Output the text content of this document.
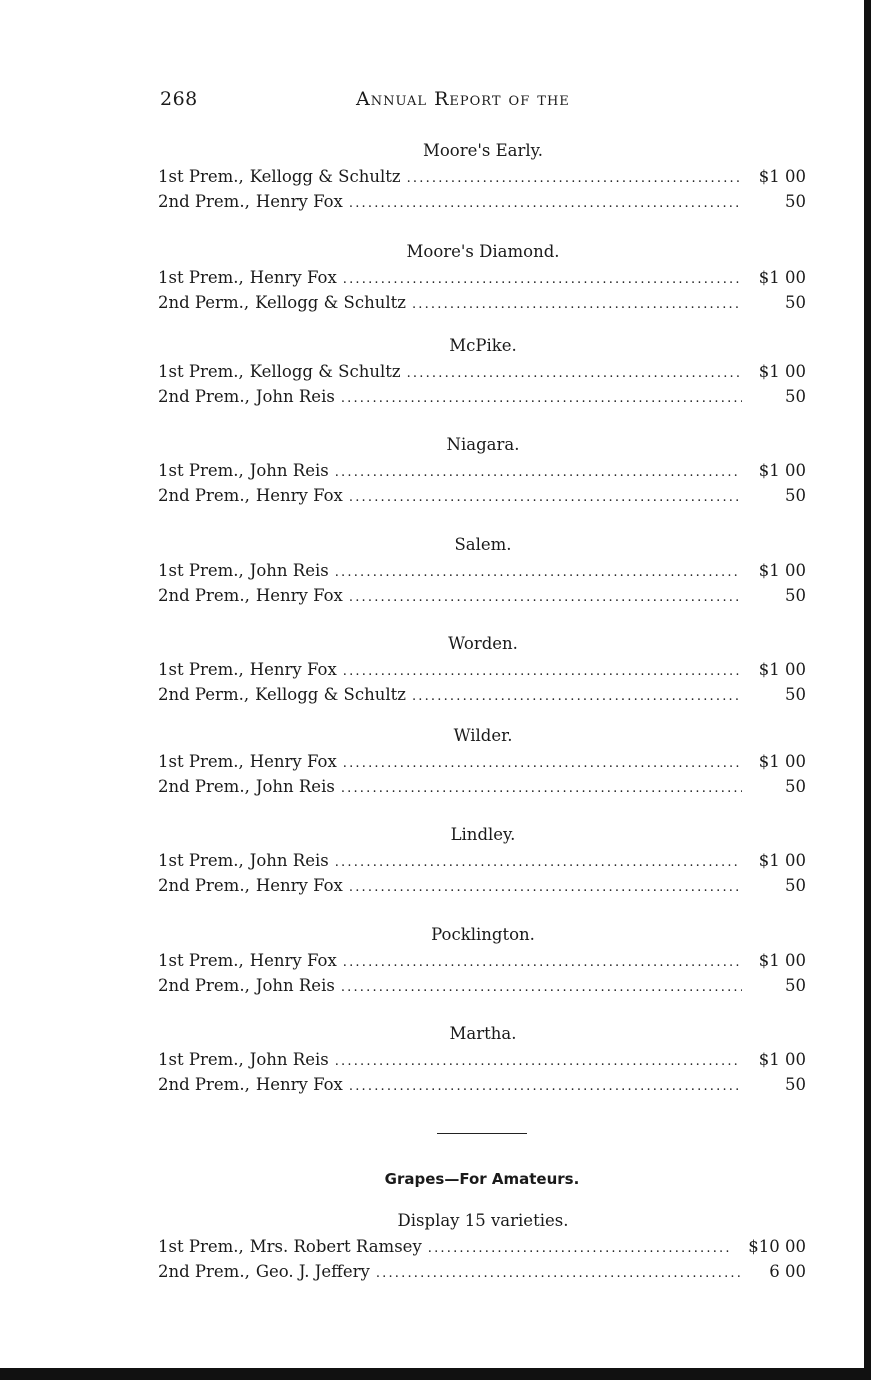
268	Annual Report of the
Moore's Early.
1st Prem., Kellogg & Schultz .....	$1 00
2nd Prem., Henry Fox .....	50
Moore's Diamond.
1st Prem., Henry Fox .....	$1 00
2nd Perm., Kellogg & Schultz .....	50
McPike.
1st Prem., Kellogg & Schultz .....	$1 00
2nd Prem., John Reis .....	50
Niagara.
1st Prem., John Reis .....	$1 00
2nd Prem., Henry Fox .....	50
Salem.
1st Prem., John Reis .....	$1 00
2nd Prem., Henry Fox .....	50
Worden.
1st Prem., Henry Fox .....	$1 00
2nd Perm., Kellogg & Schultz .....	50
Wilder.
1st Prem., Henry Fox .....	$1 00
2nd Prem., John Reis .....	50
Lindley.
1st Prem., John Reis .....	$1 00
2nd Prem., Henry Fox .....	50
Pocklington.
1st Prem., Henry Fox .....	$1 00
2nd Prem., John Reis .....	50
Martha.
1st Prem., John Reis .....	$1 00
2nd Prem., Henry Fox .....	50
Grapes—For Amateurs.
Display 15 varieties.
1st Prem., Mrs. Robert Ramsey .....	$10 00
2nd Prem., Geo. J. Jeffery .....	6 00
